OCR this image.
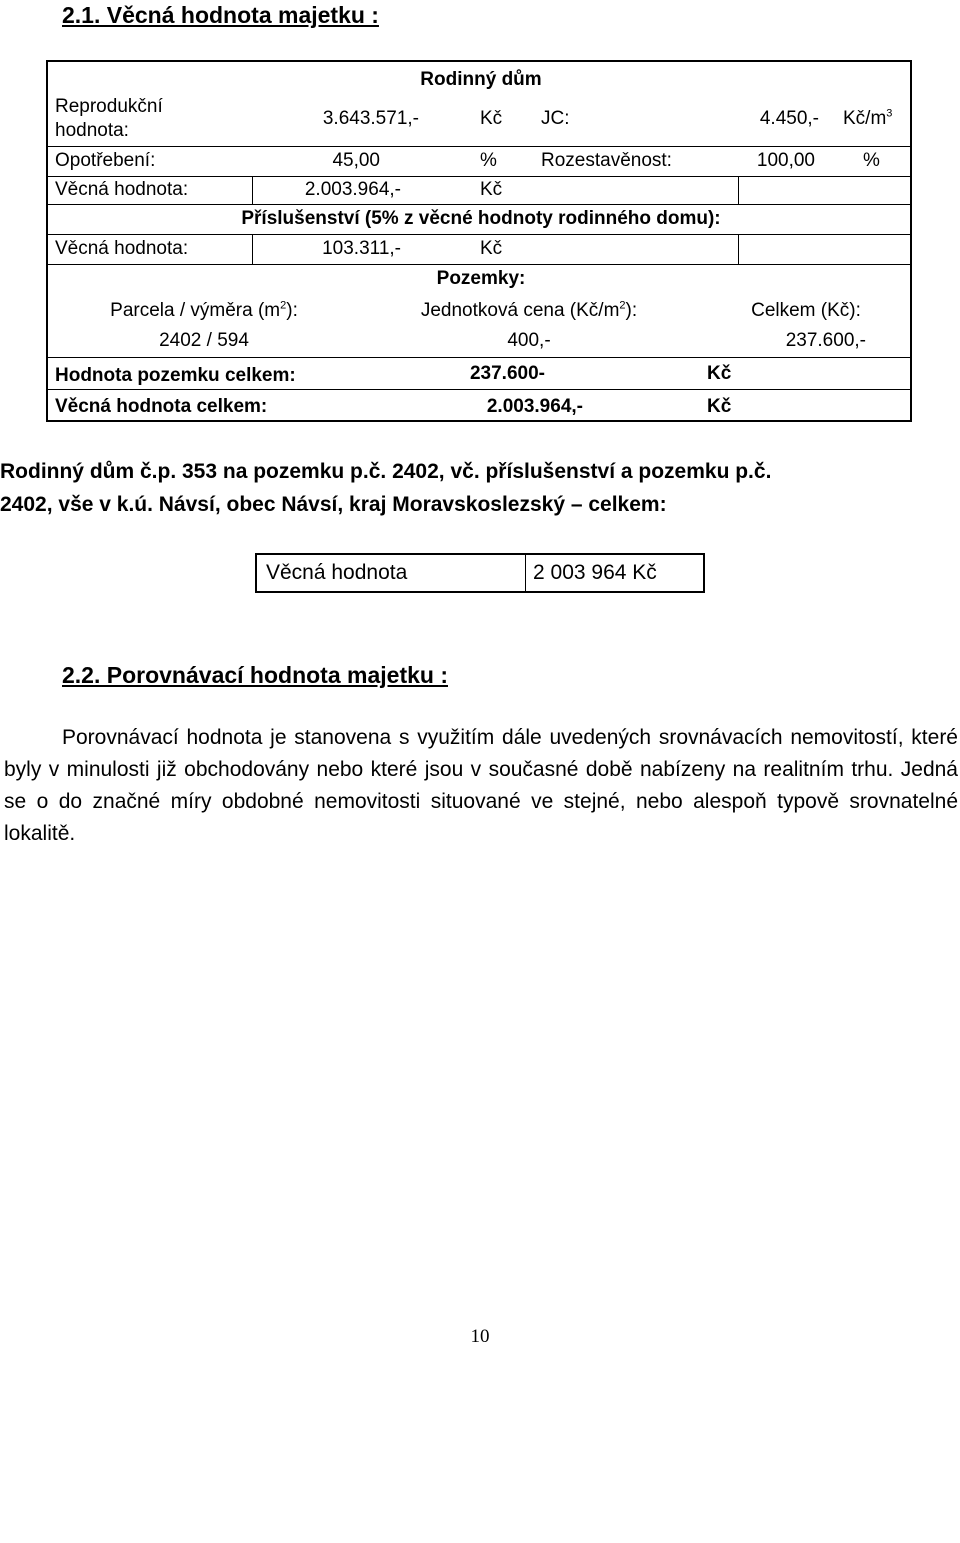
2.1. Věcná hodnota majetku :
Rodinný dům
Reprodukční
hodnota:
3.643.571,-	Kč JC:	4.450,- $Kč/m^3$
Opotřebení:	45,00	% Rozestavěnost:	100,00	%
Věcná hodnota:	2.003.964,-	Kč
Příslušenství (5% z věcné hodnoty rodinného domu):
Věcná hodnota:	103.311,-	Kč
Pozemky:
Parcela / výměra $(m^2)$:	Jednotková cena $(Kč/m^2)$:	Celkem (Kč):
2402 / 594	400,-	237.600,-
Hodnota pozemku celkem:	237.600-	Kč
Věcná hodnota celkem:	2.003.964,-	Kč
Rodinný dům č.p. 353 na pozemku p.č. 2402, vč. příslušenství a pozemku p.č.
2402, vše v k.ú. Návsí, obec Návsí, kraj Moravskoslezský – celkem:
Věcná hodnota	2 003 964 Kč
2.2. Porovnávací hodnota majetku :

Porovnávací hodnota je stanovena s využitím dále uvedených srovnávacích nemovitostí, které byly v minulosti již obchodovány nebo které jsou v současné době nabízeny na realitním trhu. Jedná se o do značné míry obdobné nemovitosti situované ve stejné, nebo alespoň typově srovnatelné lokalitě.

10
